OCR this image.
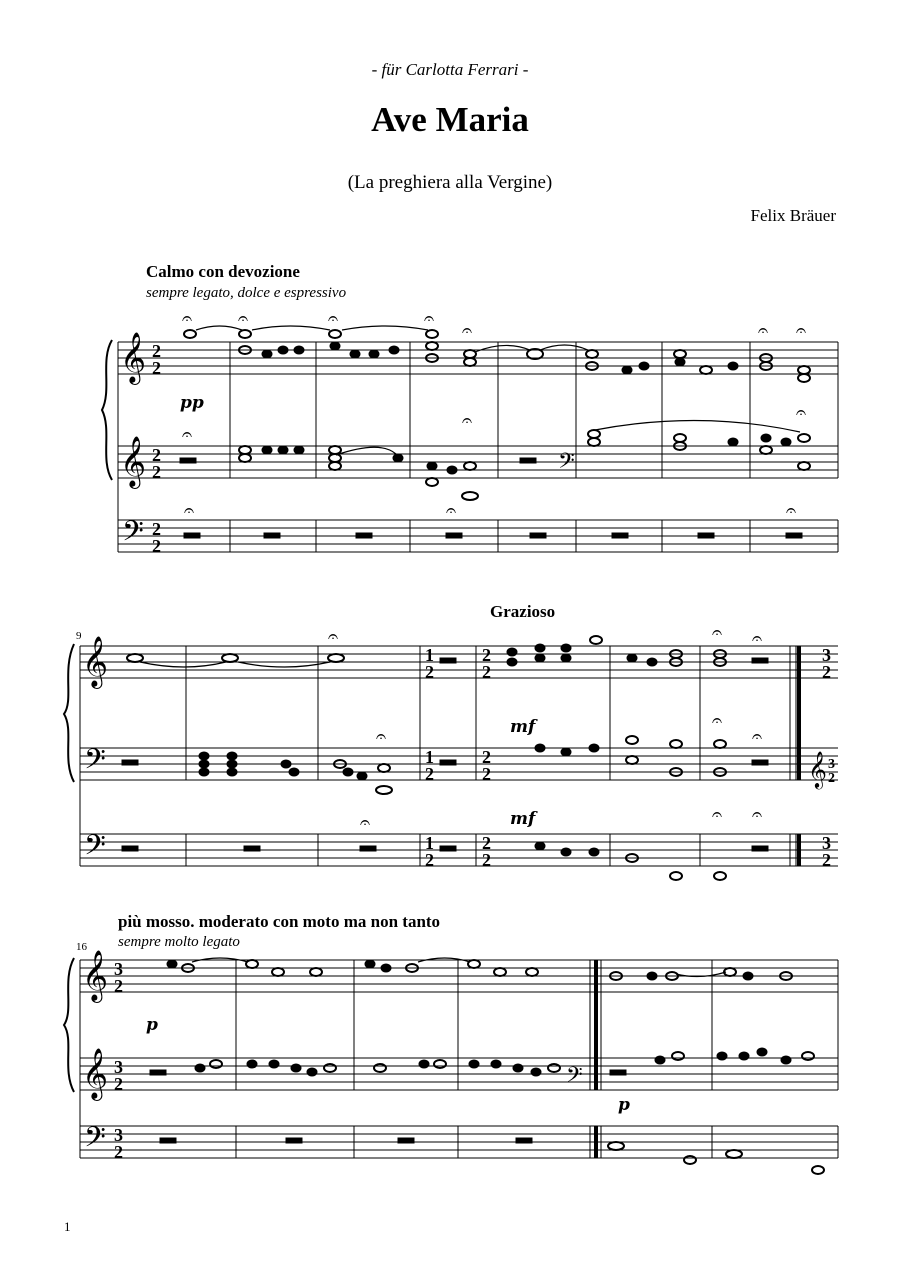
- für Carlotta Ferrari -
Ave Maria
(La preghiera alla Vergine)
Felix Bräuer
Calmo con devozione
sempre legato, dolce e espressivo
9
Grazioso
più mosso. moderato con moto ma non tanto
sempre molto legato
16
1
𝄞
𝄞
𝄢
2
2
2
2
2
2
pp
𝄢
𝄐	𝄐	𝄐	𝄐
𝄐	𝄐 𝄐
𝄐
𝄐	𝄐
𝄐	𝄐	𝄐
𝄞
𝄢
𝄢
1
2
1
2
1
2
2
2
2
2
2
2
3
2
3
2
𝄞 3
2
mf
mf
𝄐	𝄐 𝄐
𝄐
𝄐
𝄐
𝄐	𝄐 𝄐
𝄞
𝄞
𝄢
𝄢
3
2
3
2
3
2
p
p
